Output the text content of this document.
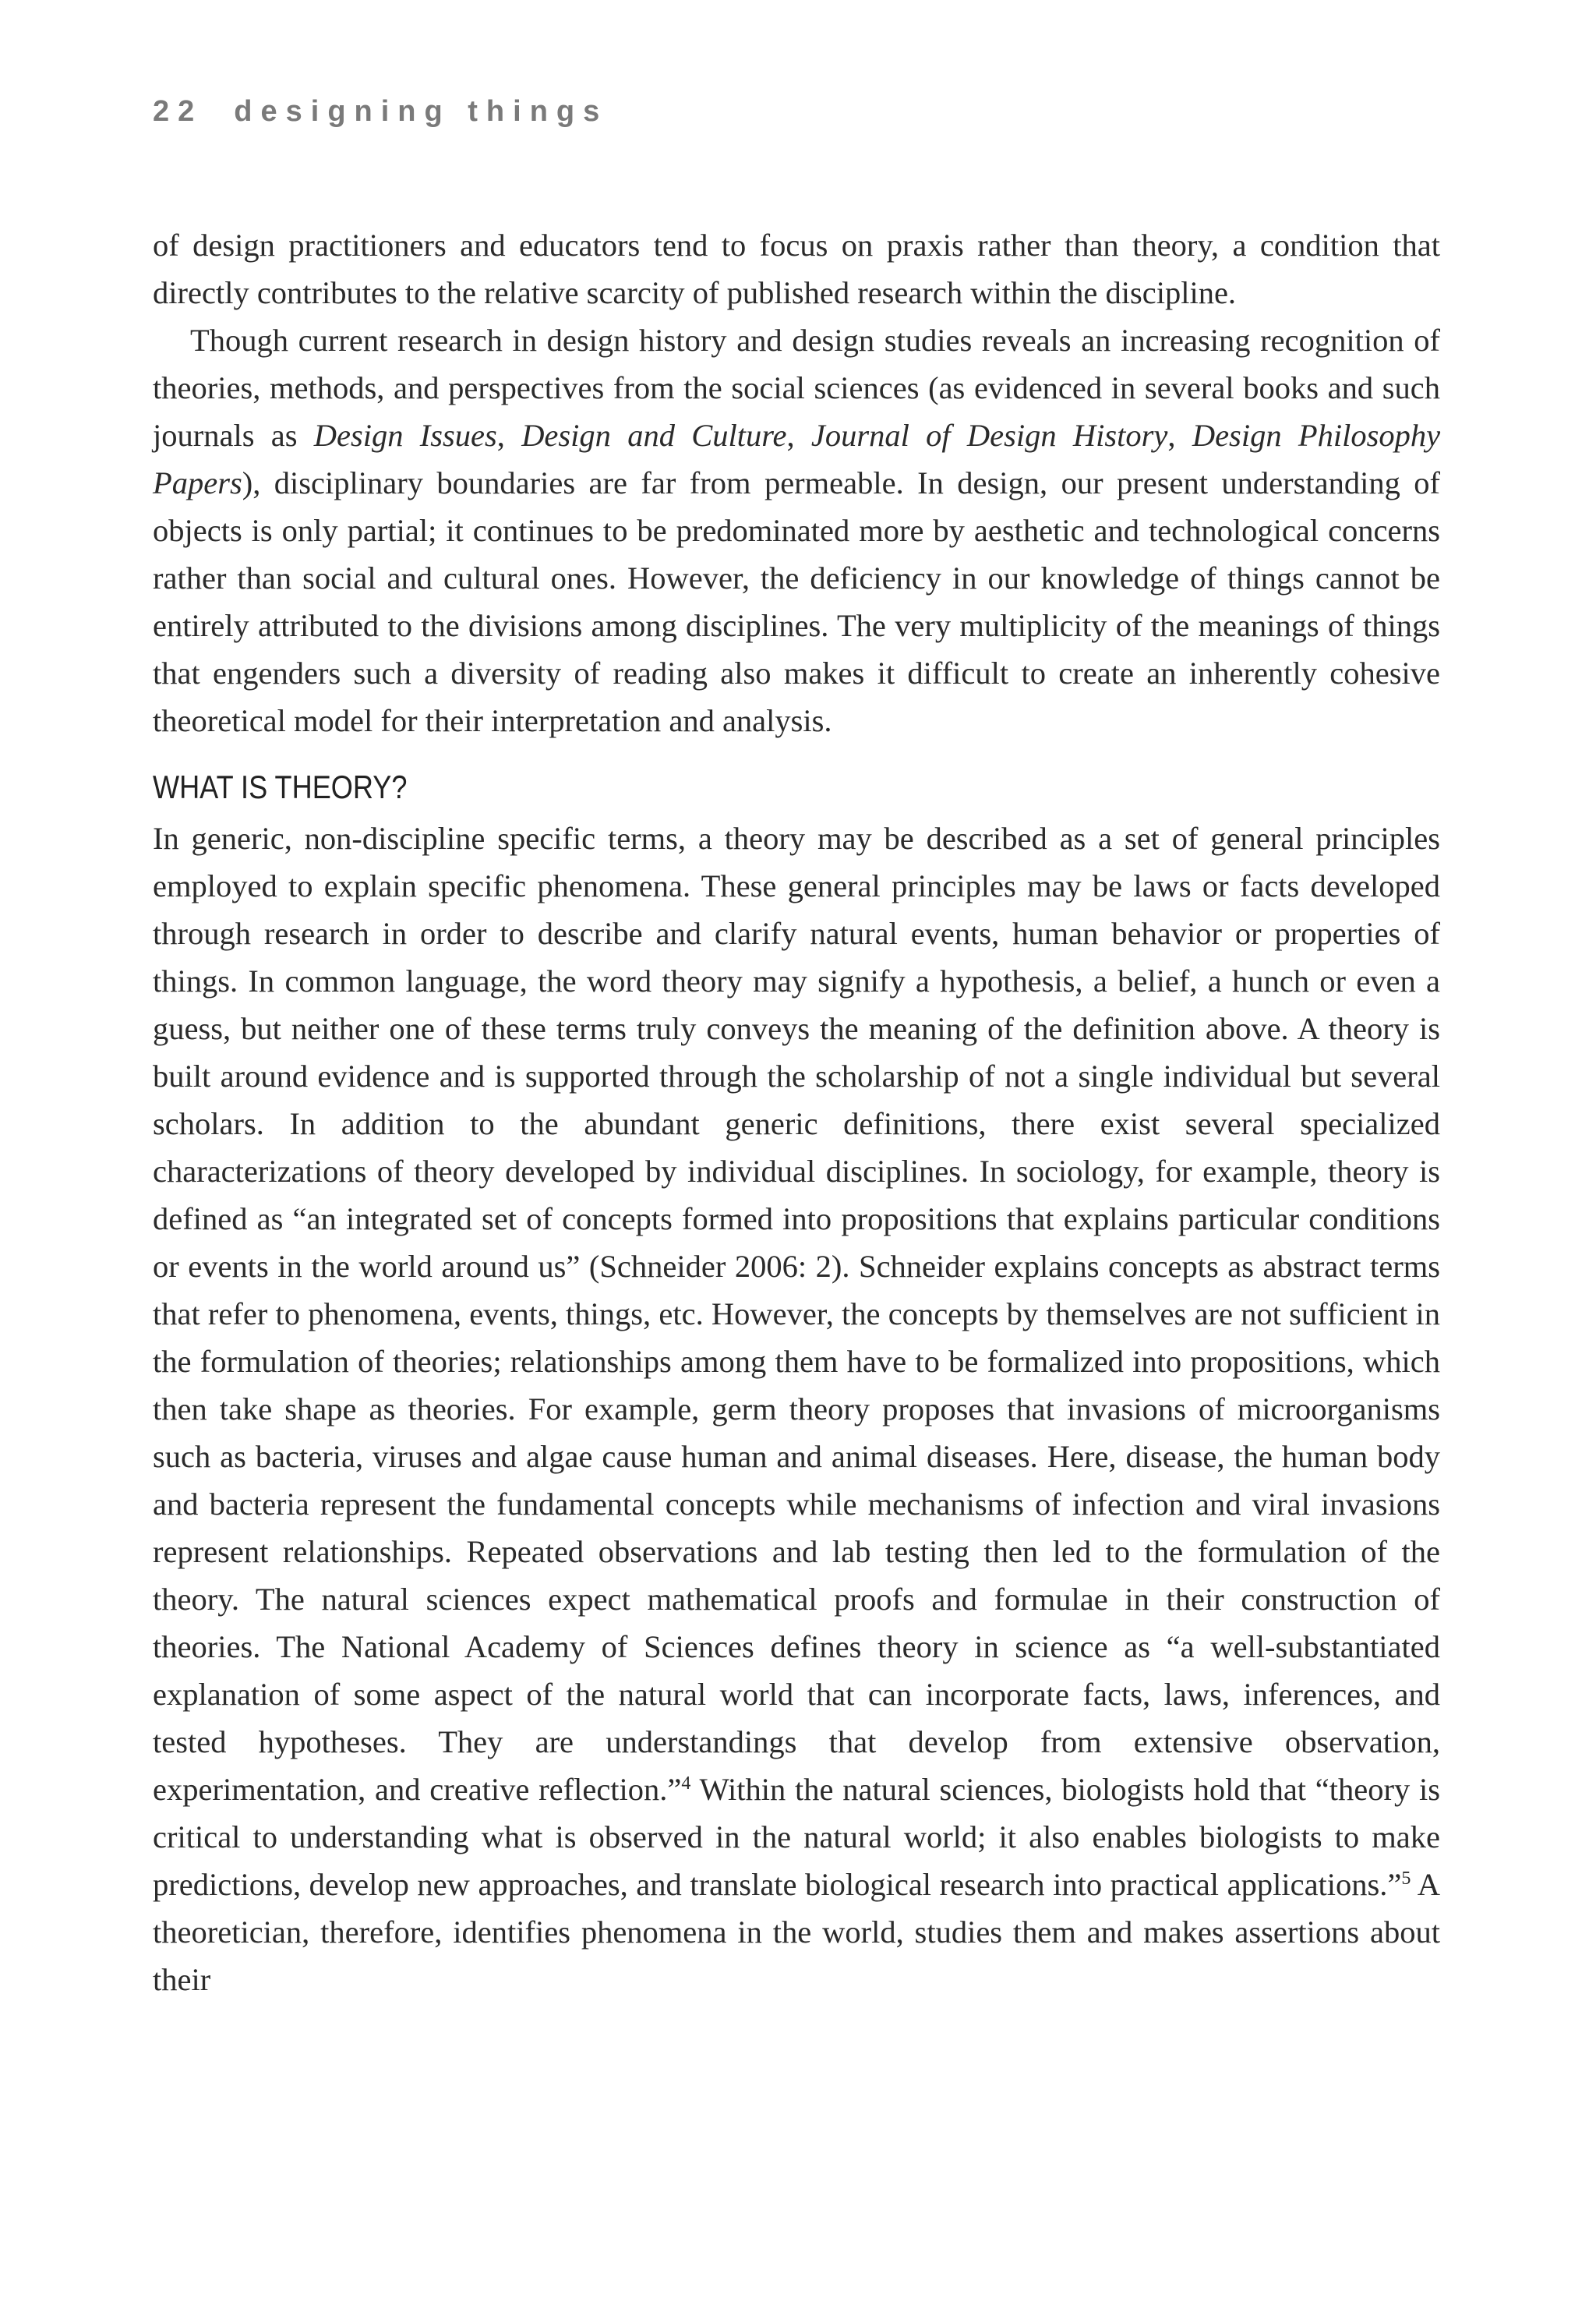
22 designing things

of design practitioners and educators tend to focus on praxis rather than theory, a condition that directly contributes to the relative scarcity of published research within the discipline.

Though current research in design history and design studies reveals an increasing recognition of theories, methods, and perspectives from the social sciences (as evidenced in several books and such journals as Design Issues, Design and Culture, Journal of Design History, Design Philosophy Papers), disciplinary boundaries are far from permeable. In design, our present understanding of objects is only partial; it continues to be predominated more by aesthetic and technological concerns rather than social and cultural ones. However, the deficiency in our knowledge of things cannot be entirely attributed to the divisions among disciplines. The very multiplicity of the meanings of things that engenders such a diversity of reading also makes it difficult to create an inherently cohesive theoretical model for their interpretation and analysis.

WHAT IS THEORY?

In generic, non-discipline specific terms, a theory may be described as a set of general principles employed to explain specific phenomena. These general principles may be laws or facts developed through research in order to describe and clarify natural events, human behavior or properties of things. In common language, the word theory may signify a hypothesis, a belief, a hunch or even a guess, but neither one of these terms truly conveys the meaning of the definition above. A theory is built around evidence and is supported through the scholarship of not a single individual but several scholars. In addition to the abundant generic definitions, there exist several specialized characterizations of theory developed by individual disciplines. In sociology, for example, theory is defined as “an integrated set of concepts formed into propositions that explains particular conditions or events in the world around us” (Schneider 2006: 2). Schneider explains concepts as abstract terms that refer to phenomena, events, things, etc. However, the concepts by themselves are not sufficient in the formulation of theories; relationships among them have to be formalized into propositions, which then take shape as theories. For example, germ theory proposes that invasions of microorganisms such as bacteria, viruses and algae cause human and animal diseases. Here, disease, the human body and bacteria represent the fundamental concepts while mechanisms of infection and viral invasions represent relationships. Repeated observations and lab testing then led to the formulation of the theory. The natural sciences expect mathematical proofs and formulae in their construction of theories. The National Academy of Sciences defines theory in science as “a well-substantiated explanation of some aspect of the natural world that can incorporate facts, laws, inferences, and tested hypotheses. They are understandings that develop from extensive observation, experimentation, and creative reflection.”$^4$ Within the natural sciences, biologists hold that “theory is critical to understanding what is observed in the natural world; it also enables biologists to make predictions, develop new approaches, and translate biological research into practical applications.”$^5$ A theoretician, therefore, identifies phenomena in the world, studies them and makes assertions about their
